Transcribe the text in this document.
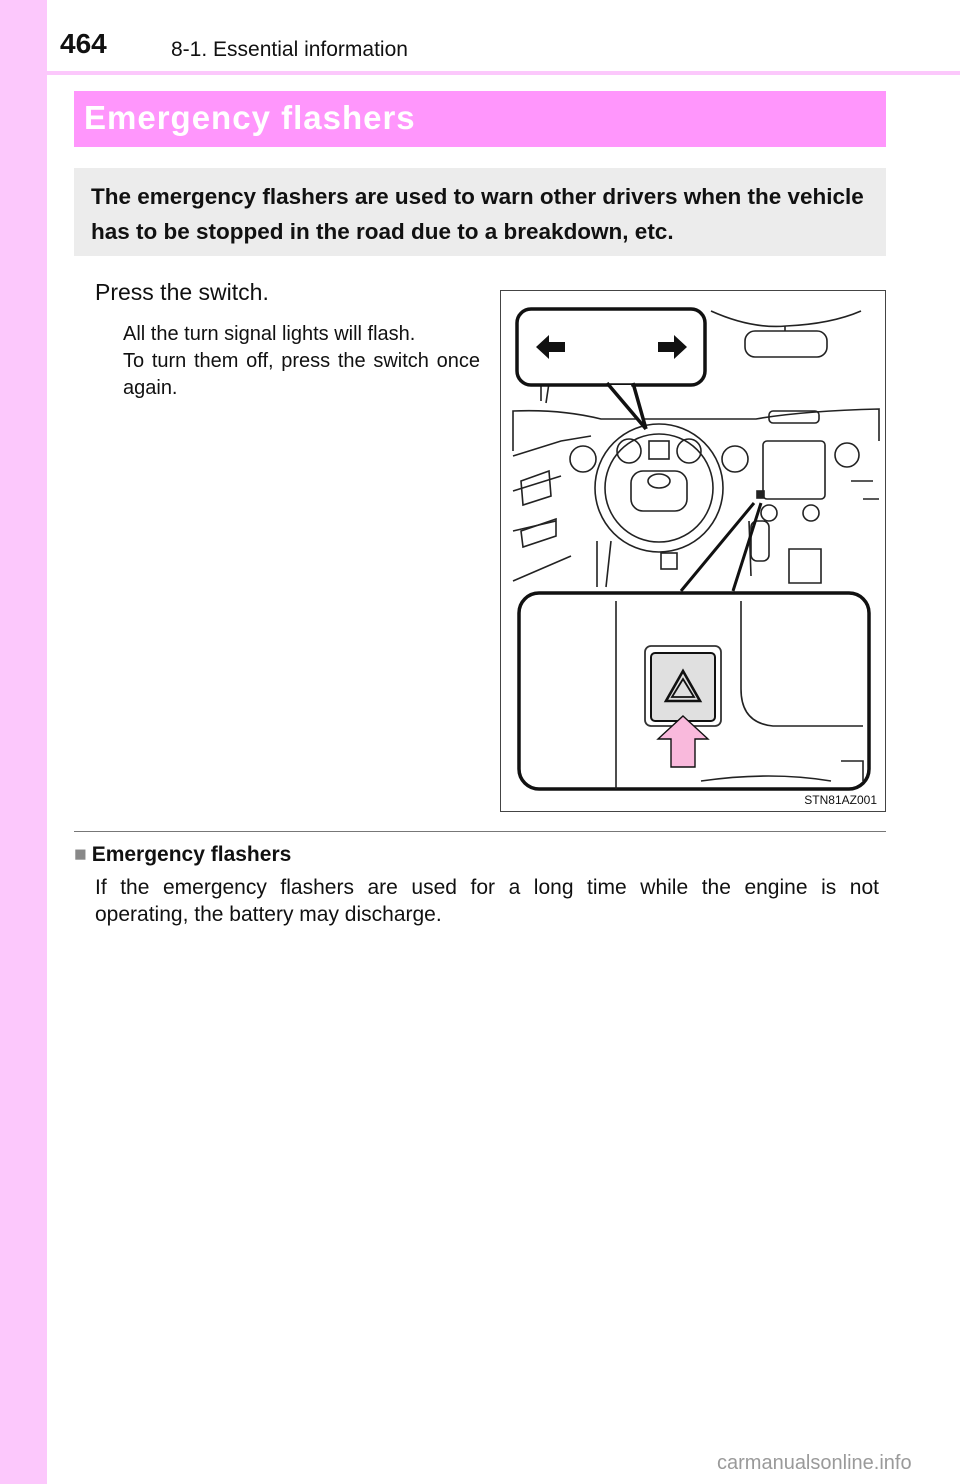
464	8-1. Essential information
Emergency flashers
The emergency flashers are used to warn other drivers when the vehicle has to be stopped in the road due to a breakdown, etc.
Press the switch.
All the turn signal lights will flash.
To turn them off, press the switch once again.
STN81AZ001
■ Emergency flashers
If the emergency flashers are used for a long time while the engine is not
operating, the battery may discharge.
carmanualsonline.info
